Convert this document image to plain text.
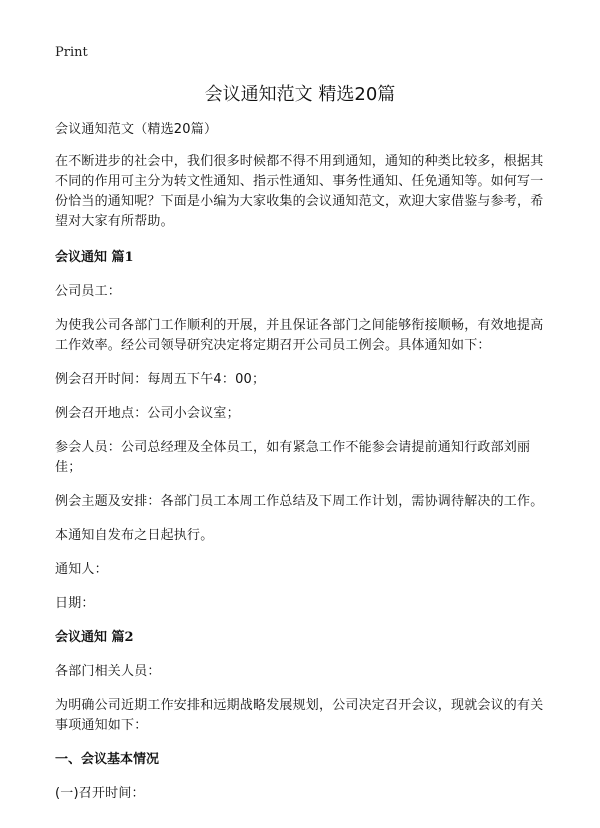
Print
会议通知范文 精选20篇

会议通知范文（精选20篇）

在不断进步的社会中，我们很多时候都不得不用到通知，通知的种类比较多，根据其不同的作用可主分为转文性通知、指示性通知、事务性通知、任免通知等。如何写一份恰当的通知呢？下面是小编为大家收集的会议通知范文，欢迎大家借鉴与参考，希望对大家有所帮助。

会议通知 篇1

公司员工：

为使我公司各部门工作顺利的开展，并且保证各部门之间能够衔接顺畅，有效地提高工作效率。经公司领导研究决定将定期召开公司员工例会。具体通知如下：

例会召开时间：每周五下午4：00；

例会召开地点：公司小会议室；

参会人员：公司总经理及全体员工，如有紧急工作不能参会请提前通知行政部刘丽佳；

例会主题及安排：各部门员工本周工作总结及下周工作计划，需协调待解决的工作。

本通知自发布之日起执行。

通知人：

日期：

会议通知 篇2

各部门相关人员：

为明确公司近期工作安排和远期战略发展规划，公司决定召开会议，现就会议的有关事项通知如下：

一、会议基本情况

(一)召开时间：
